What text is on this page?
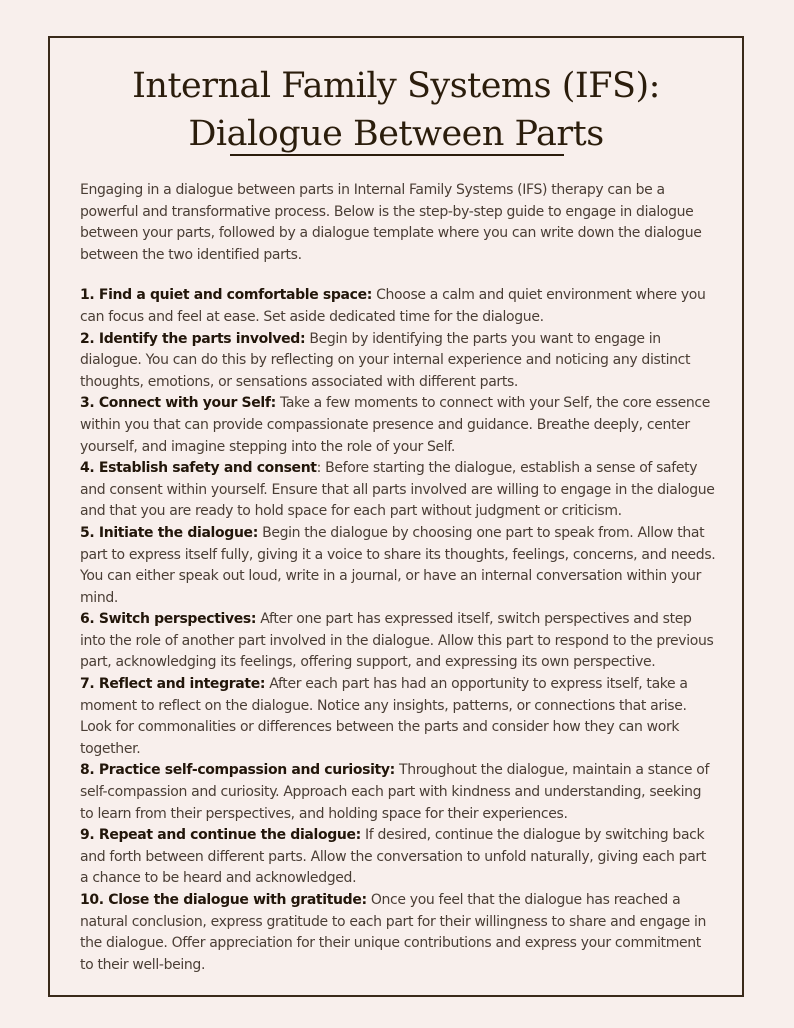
Internal Family Systems (IFS):
Dialogue Between Parts

Engaging in a dialogue between parts in Internal Family Systems (IFS) therapy can be a powerful and transformative process. Below is the step-by-step guide to engage in dialogue between your parts, followed by a dialogue template where you can write down the dialogue between the two identified parts.

1. Find a quiet and comfortable space: Choose a calm and quiet environment where you can focus and feel at ease. Set aside dedicated time for the dialogue.
2. Identify the parts involved: Begin by identifying the parts you want to engage in dialogue. You can do this by reflecting on your internal experience and noticing any distinct thoughts, emotions, or sensations associated with different parts.
3. Connect with your Self: Take a few moments to connect with your Self, the core essence within you that can provide compassionate presence and guidance. Breathe deeply, center yourself, and imagine stepping into the role of your Self.
4. Establish safety and consent: Before starting the dialogue, establish a sense of safety and consent within yourself. Ensure that all parts involved are willing to engage in the dialogue and that you are ready to hold space for each part without judgment or criticism.
5. Initiate the dialogue: Begin the dialogue by choosing one part to speak from. Allow that part to express itself fully, giving it a voice to share its thoughts, feelings, concerns, and needs. You can either speak out loud, write in a journal, or have an internal conversation within your mind.
6. Switch perspectives: After one part has expressed itself, switch perspectives and step into the role of another part involved in the dialogue. Allow this part to respond to the previous part, acknowledging its feelings, offering support, and expressing its own perspective.
7. Reflect and integrate: After each part has had an opportunity to express itself, take a moment to reflect on the dialogue. Notice any insights, patterns, or connections that arise. Look for commonalities or differences between the parts and consider how they can work together.
8. Practice self-compassion and curiosity: Throughout the dialogue, maintain a stance of self-compassion and curiosity. Approach each part with kindness and understanding, seeking to learn from their perspectives, and holding space for their experiences.
9. Repeat and continue the dialogue: If desired, continue the dialogue by switching back and forth between different parts. Allow the conversation to unfold naturally, giving each part a chance to be heard and acknowledged.
10. Close the dialogue with gratitude: Once you feel that the dialogue has reached a natural conclusion, express gratitude to each part for their willingness to share and engage in the dialogue. Offer appreciation for their unique contributions and express your commitment to their well-being.
